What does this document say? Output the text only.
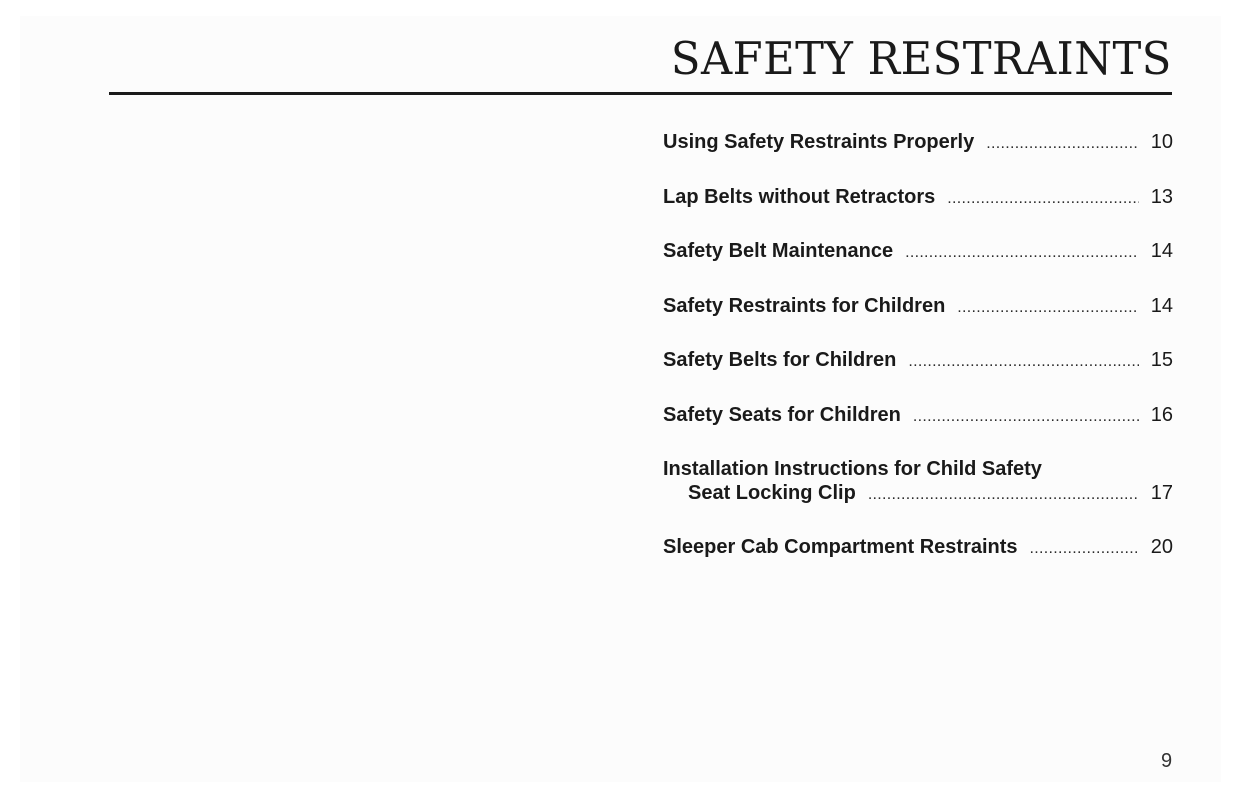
SAFETY RESTRAINTS
Using Safety Restraints Properly .....	10
Lap Belts without Retractors .....	13
Safety Belt Maintenance .....	14
Safety Restraints for Children .....	14
Safety Belts for Children .....	15
Safety Seats for Children .....	16
Installation Instructions for Child Safety
Seat Locking Clip .....	17
Sleeper Cab Compartment Restraints .....	20
9
